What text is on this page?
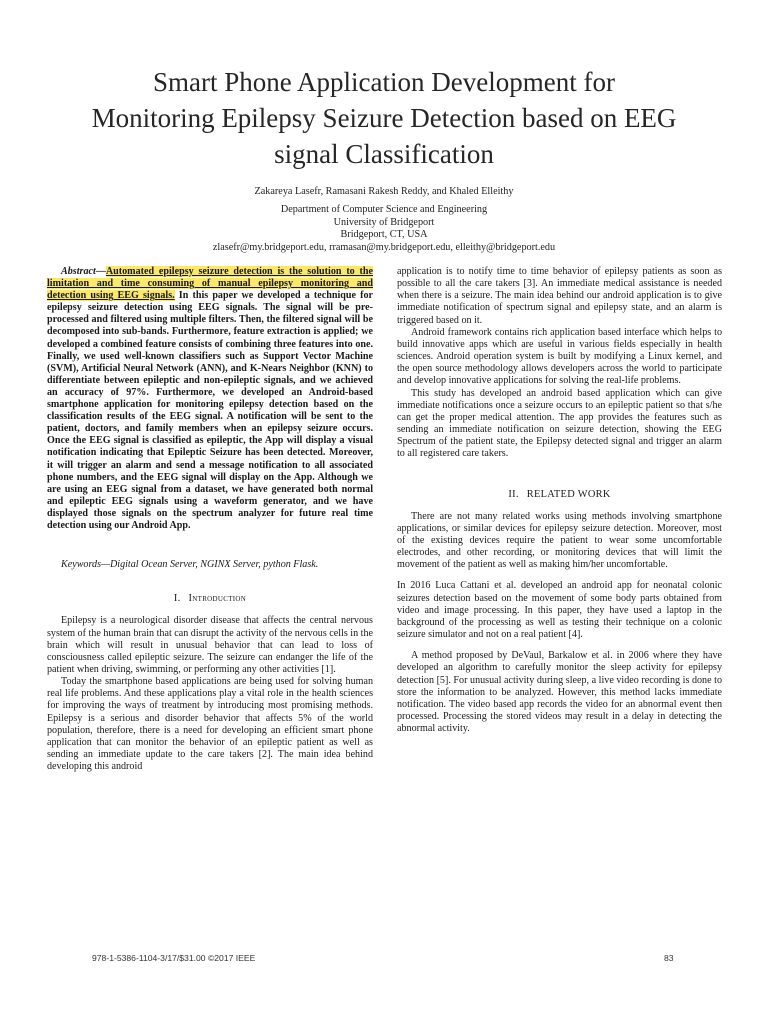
Smart Phone Application Development for
Monitoring Epilepsy Seizure Detection based on EEG
signal Classification
Zakareya Lasefr, Ramasani Rakesh Reddy, and Khaled Elleithy
Department of Computer Science and Engineering
University of Bridgeport
Bridgeport, CT, USA
zlasefr@my.bridgeport.edu, rramasan@my.bridgeport.edu, elleithy@bridgeport.edu

Abstract—Automated epilepsy seizure detection is the solution to the limitation and time consuming of manual epilepsy monitoring and detection using EEG signals. In this paper we developed a technique for epilepsy seizure detection using EEG signals. The signal will be pre-processed and filtered using multiple filters. Then, the filtered signal will be decomposed into sub-bands. Furthermore, feature extraction is applied; we developed a combined feature consists of combining three features into one. Finally, we used well-known classifiers such as Support Vector Machine (SVM), Artificial Neural Network (ANN), and K-Nears Neighbor (KNN) to differentiate between epileptic and non-epileptic signals, and we achieved an accuracy of 97%. Furthermore, we developed an Android-based smartphone application for monitoring epilepsy detection based on the classification results of the EEG signal. A notification will be sent to the patient, doctors, and family members when an epilepsy seizure occurs. Once the EEG signal is classified as epileptic, the App will display a visual notification indicating that Epileptic Seizure has been detected. Moreover, it will trigger an alarm and send a message notification to all associated phone numbers, and the EEG signal will display on the App. Although we are using an EEG signal from a dataset, we have generated both normal and epileptic EEG signals using a waveform generator, and we have displayed those signals on the spectrum analyzer for future real time detection using our Android App.

Keywords—Digital Ocean Server, NGINX Server, python Flask.

I. Introduction

Epilepsy is a neurological disorder disease that affects the central nervous system of the human brain that can disrupt the activity of the nervous cells in the brain which will result in unusual behavior that can lead to loss of consciousness called epileptic seizure. The seizure can endanger the life of the patient when driving, swimming, or performing any other activities [1].

Today the smartphone based applications are being used for solving human real life problems. And these applications play a vital role in the health sciences for improving the ways of treatment by introducing most promising methods. Epilepsy is a serious and disorder behavior that affects 5% of the world population, therefore, there is a need for developing an efficient smart phone application that can monitor the behavior of an epileptic patient as well as sending an immediate update to the care takers [2]. The main idea behind developing this android

application is to notify time to time behavior of epilepsy patients as soon as possible to all the care takers [3]. An immediate medical assistance is needed when there is a seizure. The main idea behind our android application is to give immediate notification of spectrum signal and epilepsy state, and an alarm is triggered based on it.

Android framework contains rich application based interface which helps to build innovative apps which are useful in various fields especially in health sciences. Android operation system is built by modifying a Linux kernel, and the open source methodology allows developers across the world to participate and develop innovative applications for solving the real-life problems.

This study has developed an android based application which can give immediate notifications once a seizure occurs to an epileptic patient so that s/he can get the proper medical attention. The app provides the features such as sending an immediate notification on seizure detection, showing the EEG Spectrum of the patient state, the Epilepsy detected signal and trigger an alarm to all registered care takers.

II. RELATED WORK

There are not many related works using methods involving smartphone applications, or similar devices for epilepsy seizure detection. Moreover, most of the existing devices require the patient to wear some uncomfortable electrodes, and other recording, or monitoring devices that will limit the movement of the patient as well as making him/her uncomfortable.

In 2016 Luca Cattani et al. developed an android app for neonatal colonic seizures detection based on the movement of some body parts obtained from video and image processing. In this paper, they have used a laptop in the background of the processing as well as testing their technique on a colonic seizure simulator and not on a real patient [4].

A method proposed by DeVaul, Barkalow et al. in 2006 where they have developed an algorithm to carefully monitor the sleep activity for epilepsy detection [5]. For unusual activity during sleep, a live video recording is done to store the information to be analyzed. However, this method lacks immediate notification. The video based app records the video for an abnormal event then processed. Processing the stored videos may result in a delay in detecting the abnormal activity.

978-1-5386-1104-3/17/$31.00 ©2017 IEEE	83
